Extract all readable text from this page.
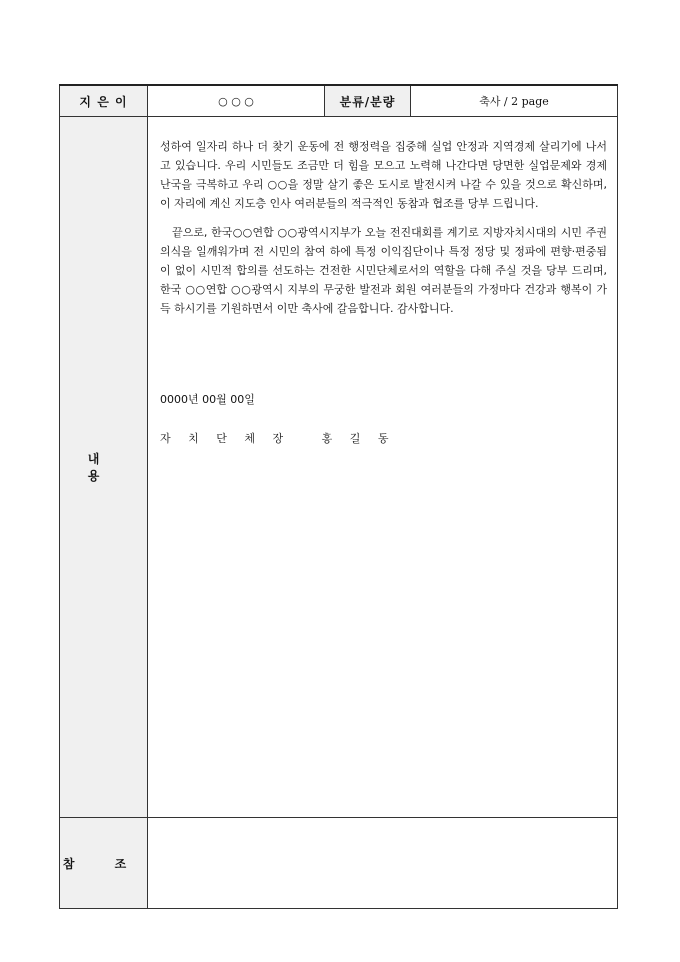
지 은 이	○ ○ ○	분류/분량	축사 / 2 page
내 용	성하여 일자리 하나 더 찾기 운동에 전 행정력을 집중해 실업 안정과 지역경제 살리기에 나서고 있습니다. 우리 시민들도 조금만 더 힘을 모으고 노력해 나간다면 당면한 실업문제와 경제난국을 극복하고 우리 ○○을 정말 살기 좋은 도시로 발전시켜 나갈 수 있을 것으로 확신하며, 이 자리에 계신 지도층 인사 여러분들의 적극적인 동참과 협조를 당부 드립니다.

끝으로, 한국○○연합 ○○광역시지부가 오늘 전진대회를 계기로 지방자치시대의 시민 주권의식을 일깨워가며 전 시민의 참여 하에 특정 이익집단이나 특정 정당 및 정파에 편향·편중됨이 없이 시민적 합의를 선도하는 건전한 시민단체로서의 역할을 다해 주실 것을 당부 드리며, 한국 ○○연합 ○○광역시 지부의 무궁한 발전과 회원 여러분들의 가정마다 건강과 행복이 가득 하시기를 기원하면서 이만 축사에 갈음합니다. 감사합니다.

0000년 00월 00일
자 치 단 체 장   홍 길 동		

참 조			
